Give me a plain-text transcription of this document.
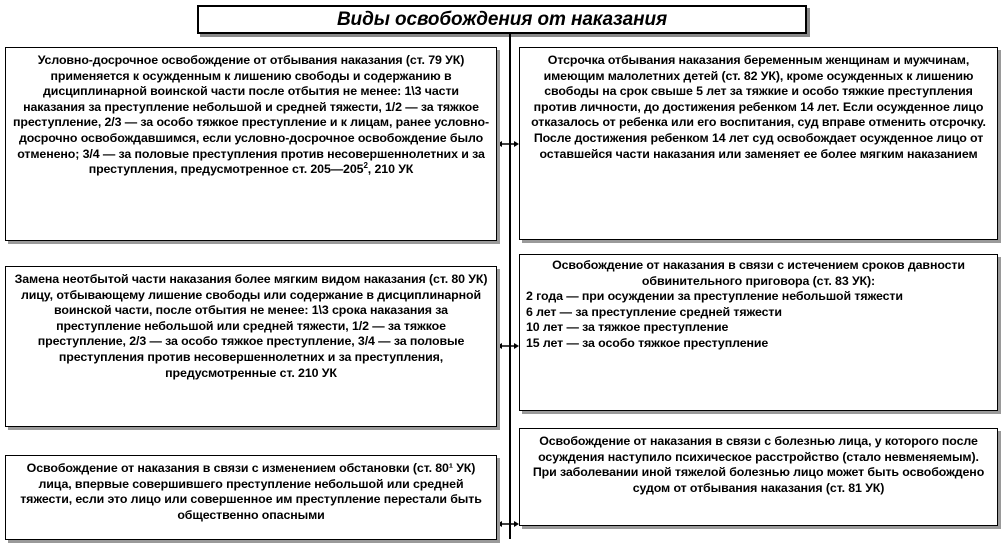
Виды освобождения от наказания
Условно-досрочное освобождение от отбывания наказания (ст. 79 УК) применяется к осужденным к лишению свободы и содержанию в дисциплинарной воинской части после отбытия не менее: 1\3 части наказания за преступление небольшой и средней тяжести, 1/2 — за тяжкое преступление, 2/3 — за особо тяжкое преступление и к лицам, ранее условно-досрочно освобождавшимся, если условно-досрочное освобождение было отменено; 3/4 — за половые преступления против несовершеннолетних и за преступления, предусмотренное ст. $205—205^2$, 210 УК
Замена неотбытой части наказания более мягким видом наказания (ст. 80 УК) лицу, отбывающему лишение свободы или содержание в дисциплинарной воинской части, после отбытия не менее: 1\3 срока наказания за преступление небольшой или средней тяжести, 1/2 — за тяжкое преступление, 2/3 — за особо тяжкое преступление, 3/4 — за половые преступления против несовершеннолетних и за преступления, предусмотренные ст. 210 УК
Освобождение от наказания в связи с изменением обстановки (ст. 80¹ УК) лица, впервые совершившего преступление небольшой или средней тяжести, если это лицо или совершенное им преступление перестали быть общественно опасными
Отсрочка отбывания наказания беременным женщинам и мужчинам, имеющим малолетних детей (ст. 82 УК), кроме осужденных к лишению свободы на срок свыше 5 лет за тяжкие и особо тяжкие преступления против личности, до достижения ребенком 14 лет. Если осужденное лицо отказалось от ребенка или его воспитания, суд вправе отменить отсрочку. После достижения ребенком 14 лет суд освобождает осужденное лицо от оставшейся части наказания или заменяет ее более мягким наказанием
Освобождение от наказания в связи с истечением сроков давности обвинительного приговора (ст. 83 УК):
2 года — при осуждении за преступление небольшой тяжести
6 лет — за преступление средней тяжести
10 лет — за тяжкое преступление
15 лет — за особо тяжкое преступление
Освобождение от наказания в связи с болезнью лица, у которого после осуждения наступило психическое расстройство (стало невменяемым). При заболевании иной тяжелой болезнью лицо может быть освобождено судом от отбывания наказания (ст. 81 УК)
